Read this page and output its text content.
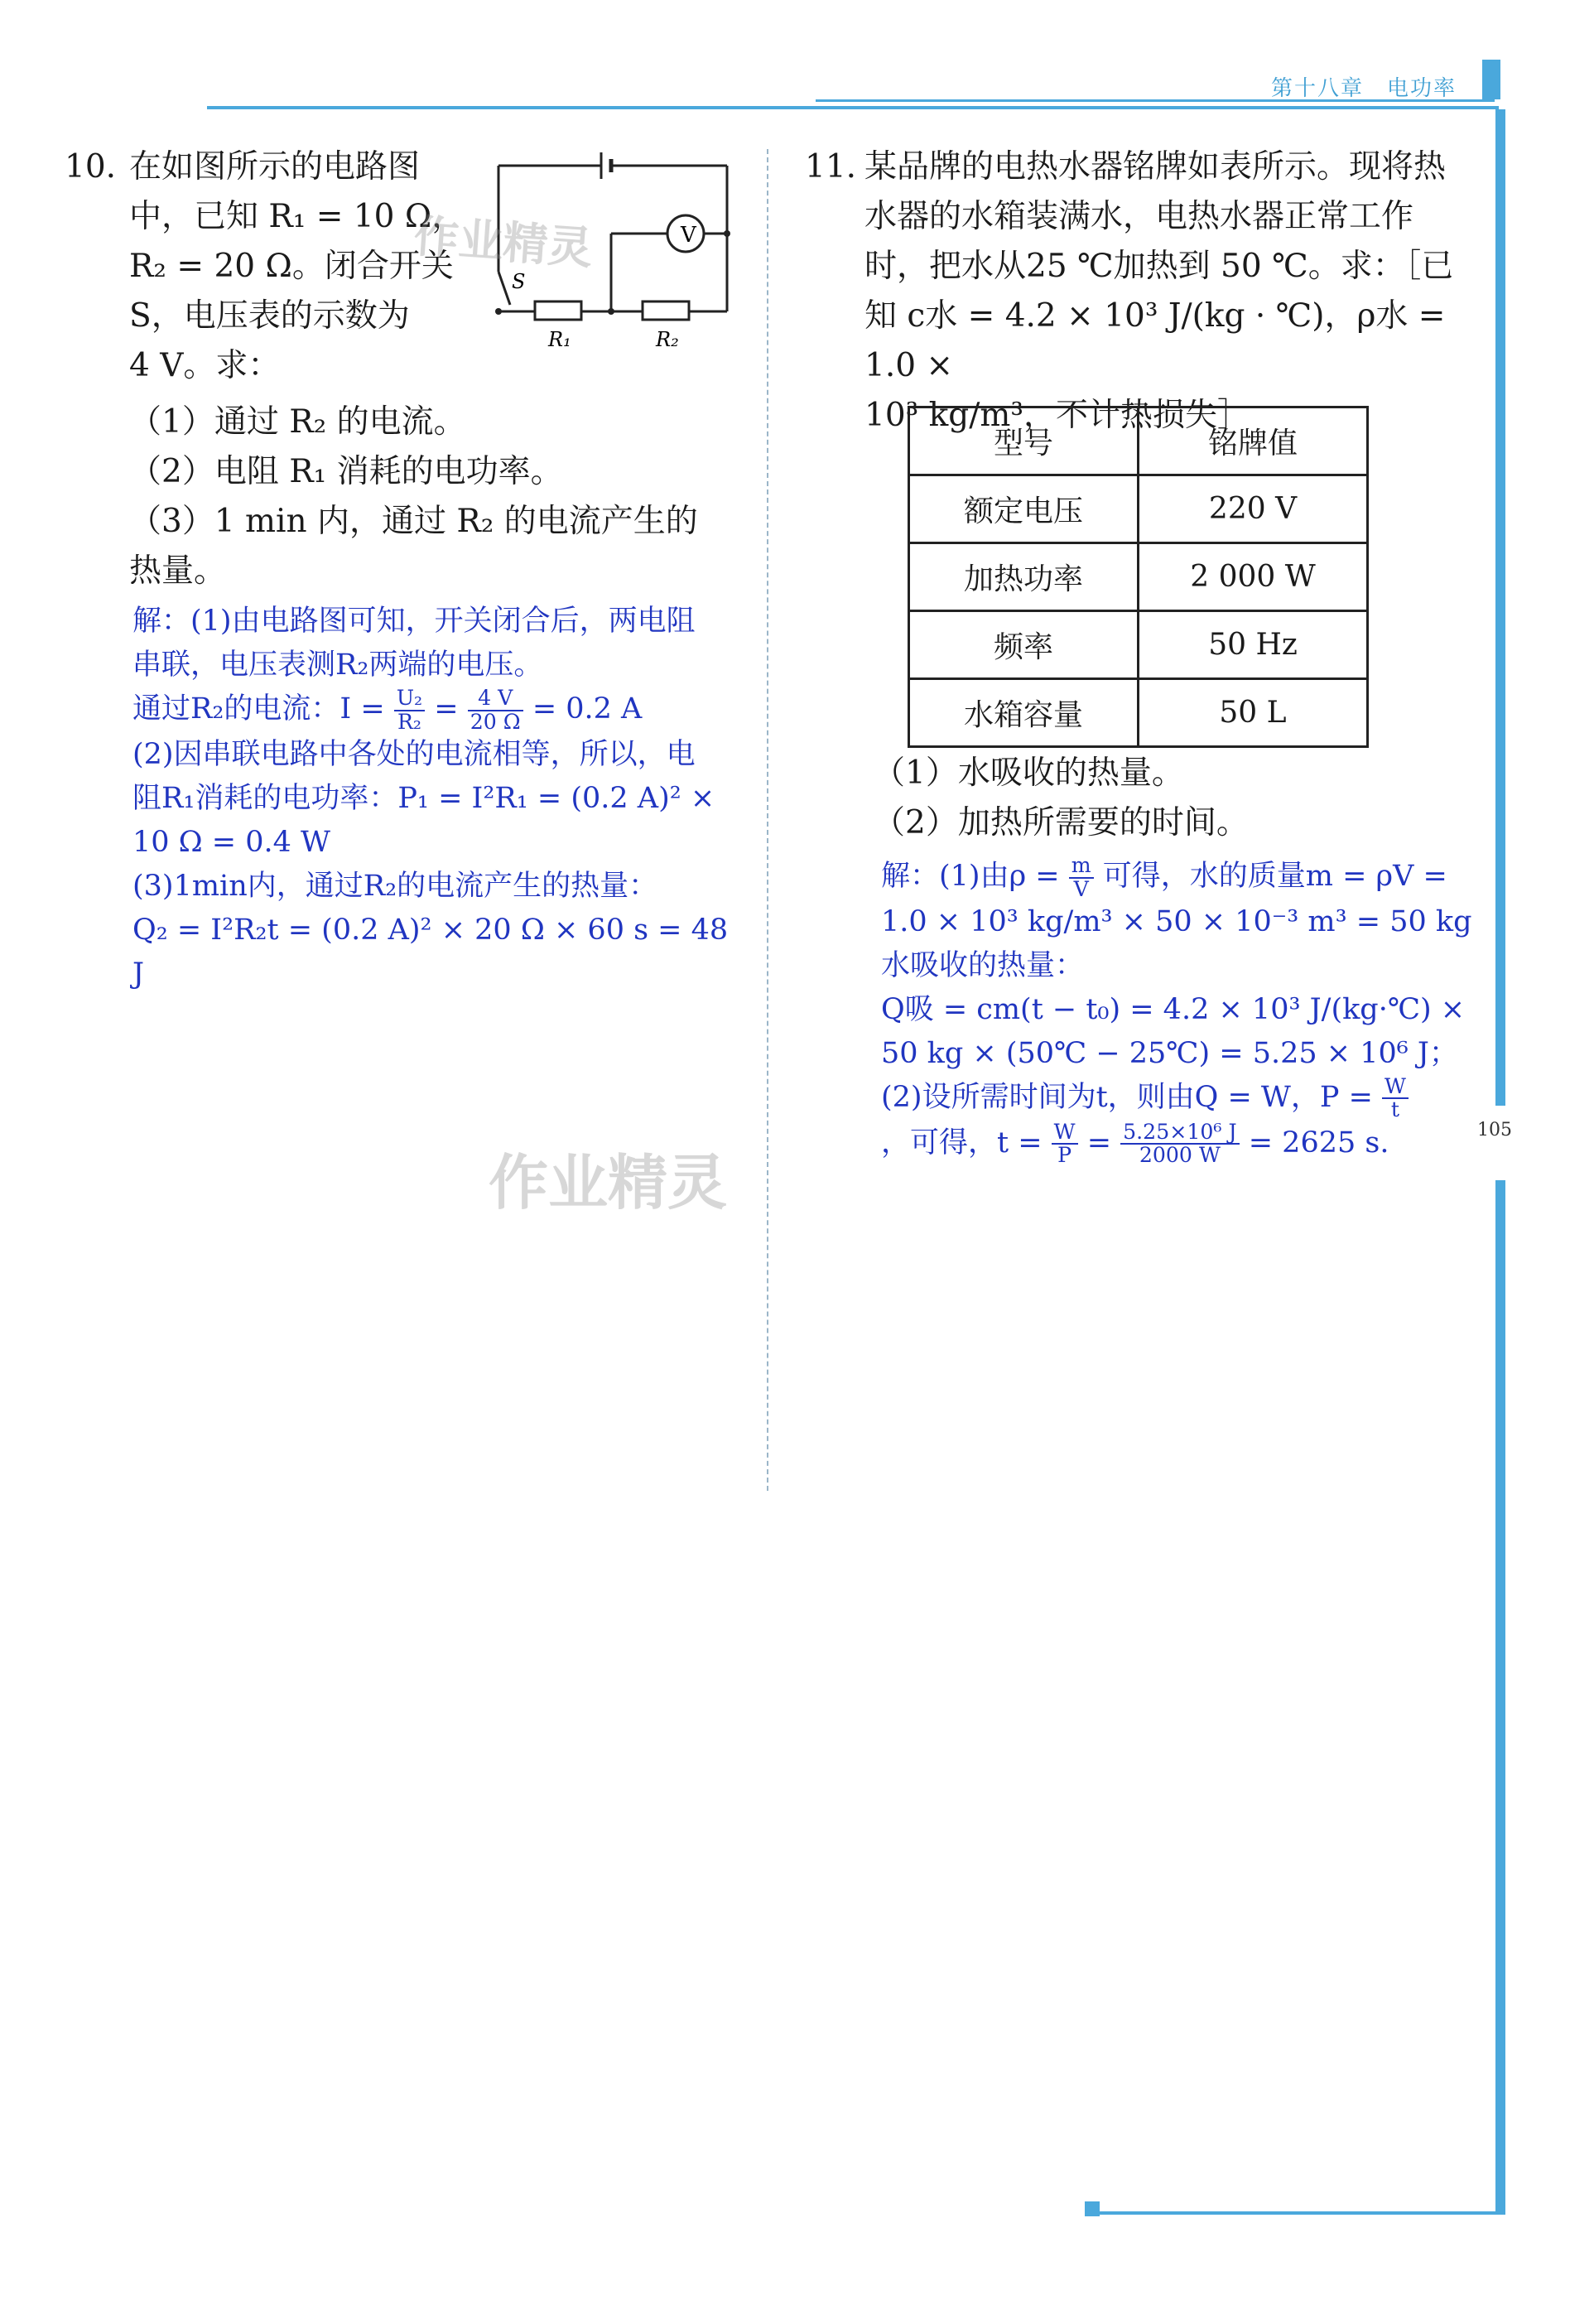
第十八章　电功率
105
10. 在如图所示的电路图
中，已知 R₁ = 10 Ω，
R₂ = 20 Ω。闭合开关
S，电压表的示数为
4 V。求：
V
S
R₁	R₂
（1）通过 R₂ 的电流。
（2）电阻 R₁ 消耗的电功率。
（3）1 min 内，通过 R₂ 的电流产生的
热量。
解：(1)由电路图可知，开关闭合后，两电阻
串联，电压表测R₂两端的电压。
通过R₂的电流：$I = \frac{\text{U₂}}{\text{R₂}} = \frac{4 V}{20 \Omega} = 0.2$ A
(2)因串联电路中各处的电流相等，所以，电
阻R₁消耗的电功率：P₁ = I²R₁ = (0.2 A)² ×
10 Ω = 0.4 W
(3)1min内，通过R₂的电流产生的热量：
Q₂ = I²R₂t = (0.2 A)² × 20 Ω × 60 s = 48 J
11. 某品牌的电热水器铭牌如表所示。现将热
水器的水箱装满水，电热水器正常工作
时，把水从25 ℃加热到 50 ℃。求：［已
知 c水 = 4.2 × 10³ J/(kg · ℃)，ρ水 = 1.0 ×
10³ kg/m³，不计热损失］
型号	铭牌值
额定电压	220 V
加热功率	2 000 W
频率	50 Hz
水箱容量	50 L
（1）水吸收的热量。
（2）加热所需要的时间。
解：(1)由$\rho = \frac{m}{V}$ 可得，水的质量m = ρV =
1.0 × 10³ kg/m³ × 50 × 10⁻³ m³ = 50 kg
水吸收的热量：
Q吸 = cm(t − t₀) = 4.2 × 10³ J/(kg·℃) ×
50 kg × (50℃ − 25℃) = 5.25 × 10⁶ J；
(2)设所需时间为t，则由Q = W，$P = \frac{W}{t}$
，可得，$t = \frac{W}{P} = \frac{\text{5.25×10⁶ J}}{2000 W} = 2625$ s.
作业精灵
作业精灵
